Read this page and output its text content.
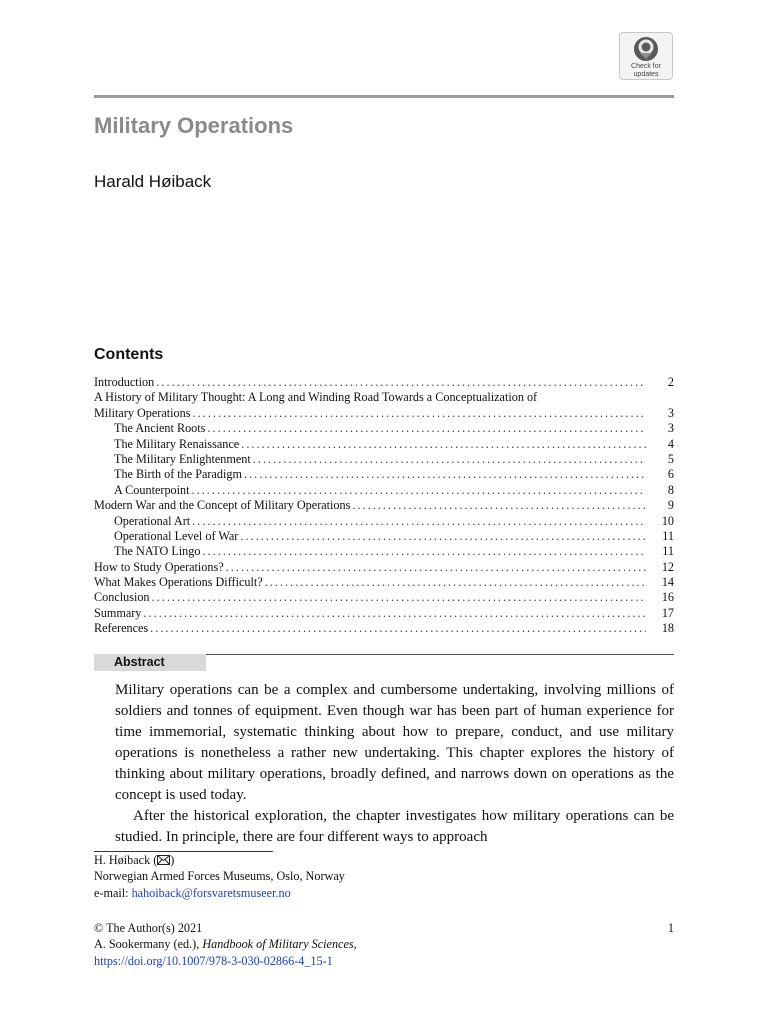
Check for
updates
Military Operations
Harald Høiback
Contents
Introduction . . .	2
A History of Military Thought: A Long and Winding Road Towards a Conceptualization of
Military Operations . . .	3
The Ancient Roots . . .	3
The Military Renaissance . . .	4
The Military Enlightenment . . .	5
The Birth of the Paradigm . . .	6
A Counterpoint . . .	8
Modern War and the Concept of Military Operations . . .	9
Operational Art . . .	10
Operational Level of War . . .	11
The NATO Lingo . . .	11
How to Study Operations? . . .	12
What Makes Operations Difficult? . . .	14
Conclusion . . .	16
Summary . . .	17
References . . .	18
Abstract

Military operations can be a complex and cumbersome undertaking, involving millions of soldiers and tonnes of equipment. Even though war has been part of human experience for time immemorial, systematic thinking about how to prepare, conduct, and use military operations is nonetheless a rather new undertaking. This chapter explores the history of thinking about military operations, broadly defined, and narrows down on operations as the concept is used today.

After the historical exploration, the chapter investigates how military operations can be studied. In principle, there are four different ways to approach

H. Høiback ( )
Norwegian Armed Forces Museums, Oslo, Norway
e-mail: hahoiback@forsvaretsmuseer.no
© The Author(s) 2021
A. Sookermany (ed.), Handbook of Military Sciences,
https://doi.org/10.1007/978-3-030-02866-4_15-1
1
